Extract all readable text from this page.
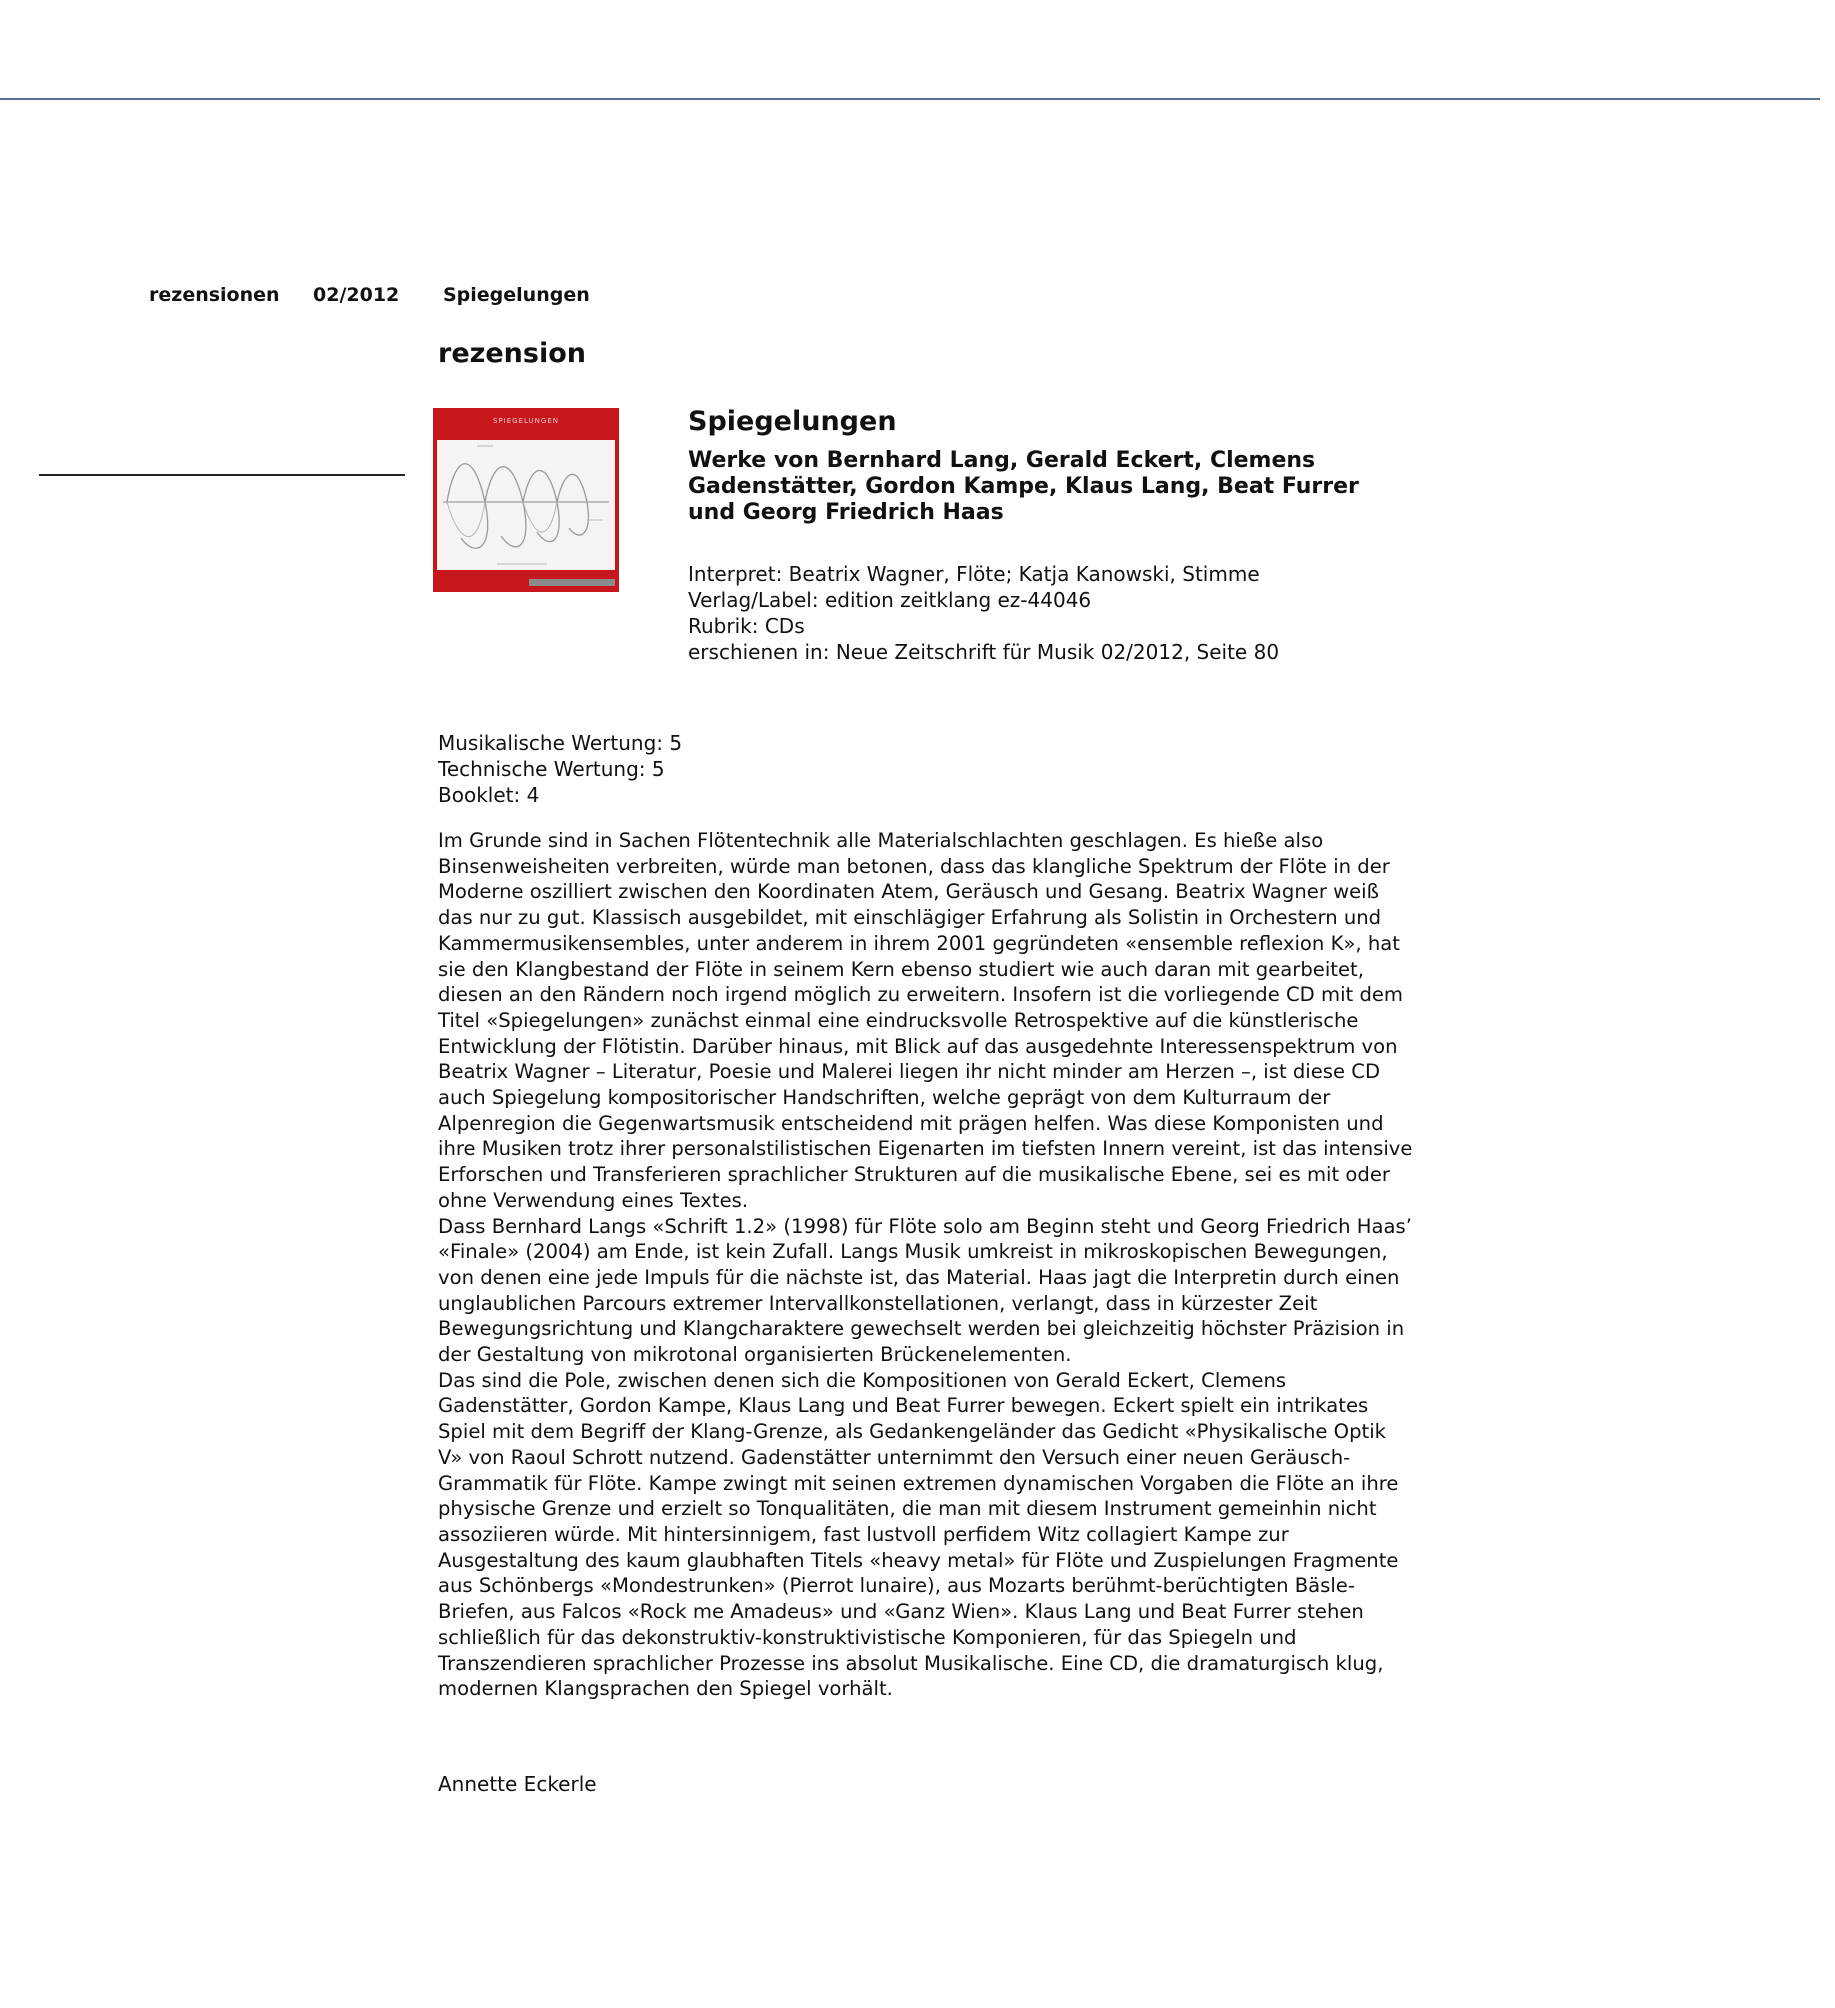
rezensionen 02/2012 Spiegelungen
rezension
SPIEGELUNGEN	Spiegelungen
Werke von Bernhard Lang, Gerald Eckert, Clemens Gadenstätter, Gordon Kampe, Klaus Lang, Beat Furrer und Georg Friedrich Haas
Interpret: Beatrix Wagner, Flöte; Katja Kanowski, Stimme
Verlag/Label: edition zeitklang ez-44046
Rubrik: CDs
erschienen in: Neue Zeitschrift für Musik 02/2012, Seite 80
Musikalische Wertung: 5
Technische Wertung: 5
Booklet: 4

Im Grunde sind in Sachen Flötentechnik alle Materialschlachten geschlagen. Es hieße also Binsenweisheiten verbreiten, würde man betonen, dass das klangliche Spektrum der Flöte in der Moderne oszilliert zwischen den Koordinaten Atem, Geräusch und Gesang. Beatrix Wagner weiß das nur zu gut. Klassisch ausgebildet, mit einschlägiger Erfahrung als Solistin in Orchestern und Kammermusikensembles, unter anderem in ihrem 2001 gegründeten «ensemble reflexion K», hat sie den Klangbestand der Flöte in seinem Kern ebenso studiert wie auch daran mit gearbeitet, diesen an den Rändern noch irgend möglich zu erweitern. Insofern ist die vorliegende CD mit dem Titel «Spiegelungen» zunächst einmal eine eindrucksvolle Retrospektive auf die künstlerische Entwicklung der Flötistin. Darüber hinaus, mit Blick auf das ausgedehnte Interessenspektrum von Beatrix Wagner – Literatur, Poesie und Malerei liegen ihr nicht minder am Herzen –, ist diese CD auch Spiegelung kompositorischer Handschriften, welche geprägt von dem Kulturraum der Alpenregion die Gegenwartsmusik entscheidend mit prägen helfen. Was diese Komponisten und ihre Musiken trotz ihrer personalstilistischen Eigenarten im tiefsten Innern vereint, ist das intensive Erforschen und Transferieren sprachlicher Strukturen auf die musikalische Ebene, sei es mit oder ohne Verwendung eines Textes.

Dass Bernhard Langs «Schrift 1.2» (1998) für Flöte solo am Beginn steht und Georg Friedrich Haas’ «Finale» (2004) am Ende, ist kein Zufall. Langs Musik umkreist in mikroskopischen Bewegungen, von denen eine jede Impuls für die nächste ist, das Material. Haas jagt die Interpretin durch einen unglaublichen Parcours extremer Intervallkonstellationen, verlangt, dass in kürzester Zeit Bewegungsrichtung und Klangcharaktere gewechselt werden bei gleichzeitig höchster Präzision in der Gestaltung von mikrotonal organisierten Brückenelementen.

Das sind die Pole, zwischen denen sich die Kompositionen von Gerald Eckert, Clemens Gadenstätter, Gordon Kampe, Klaus Lang und Beat Furrer bewegen. Eckert spielt ein intrikates Spiel mit dem Begriff der Klang-Grenze, als Gedankengeländer das Gedicht «Physikalische Optik V» von Raoul Schrott nutzend. Gadenstätter unternimmt den Versuch einer neuen Geräusch-Grammatik für Flöte. Kampe zwingt mit seinen extremen dynamischen Vorgaben die Flöte an ihre physische Grenze und erzielt so Tonqualitäten, die man mit diesem Instrument gemeinhin nicht assoziieren würde. Mit hintersinnigem, fast lustvoll perfidem Witz collagiert Kampe zur Ausgestaltung des kaum glaubhaften Titels «heavy metal» für Flöte und Zuspielungen Fragmente aus Schönbergs «Mondestrunken» (Pierrot lunaire), aus Mozarts berühmt-berüchtigten Bäsle-Briefen, aus Falcos «Rock me Amadeus» und «Ganz Wien». Klaus Lang und Beat Furrer stehen schließlich für das dekonstruktiv-konstruktivistische Komponieren, für das Spiegeln und Transzendieren sprachlicher Prozesse ins absolut Musikalische. Eine CD, die dramaturgisch klug, modernen Klangsprachen den Spiegel vorhält.

Annette Eckerle
